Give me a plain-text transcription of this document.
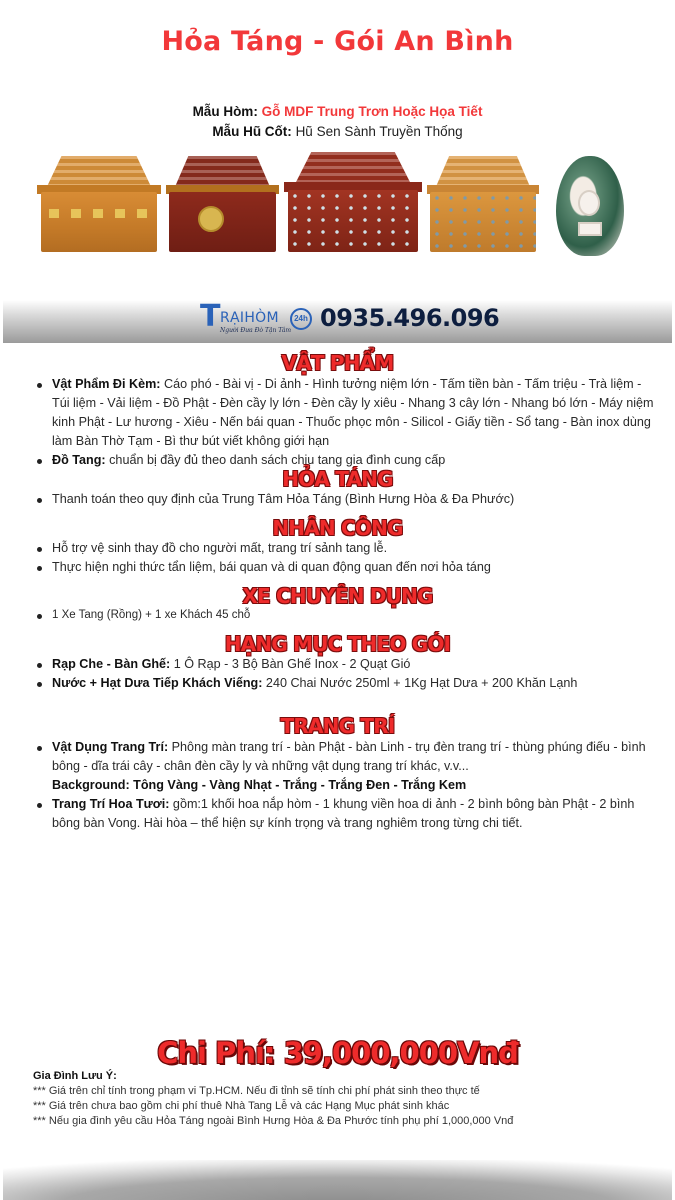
Hỏa Táng - Gói An Bình
Mẫu Hòm: Gỗ MDF Trung Trơn Hoặc Họa Tiết
Mẫu Hũ Cốt: Hũ Sen Sành Truyền Thống
T RẠIHÒM
Người Đưa Đò Tận Tâm
24h 0935.496.096
VẬT PHẨM
Vật Phẩm Đi Kèm: Cáo phó - Bài vị - Di ảnh - Hình tưởng niệm lớn - Tấm tiền bàn - Tấm triệu - Trà liệm - Túi liệm - Vải liệm - Đồ Phật - Đèn cầy ly lớn - Đèn cầy ly xiêu - Nhang 3 cây lớn - Nhang bó lớn - Máy niệm kinh Phật - Lư hương - Xiêu - Nến bái quan - Thuốc phọc môn - Silicol - Giấy tiền - Sổ tang - Bàn inox dùng làm Bàn Thờ Tạm - Bì thư bút viết không giới hạn
Đồ Tang: chuẩn bị đầy đủ theo danh sách chịu tang gia đình cung cấp
HỎA TÁNG
Thanh toán theo quy định của Trung Tâm Hỏa Táng (Bình Hưng Hòa & Đa Phước)
NHÂN CÔNG
Hỗ trợ vệ sinh thay đồ cho người mất, trang trí sảnh tang lễ.
Thực hiện nghi thức tẩn liệm, bái quan và di quan động quan đến nơi hỏa táng
XE CHUYÊN DỤNG
1 Xe Tang (Rồng) + 1 xe Khách 45 chỗ
HẠNG MỤC THEO GÓI
Rạp Che - Bàn Ghế: 1 Ô Rạp - 3 Bộ Bàn Ghế Inox - 2 Quạt Gió
Nước + Hạt Dưa Tiếp Khách Viếng: 240 Chai Nước 250ml + 1Kg Hạt Dưa + 200 Khăn Lạnh
TRANG TRÍ
Vật Dụng Trang Trí: Phông màn trang trí - bàn Phật - bàn Linh - trụ đèn trang trí - thùng phúng điếu - bình bông - dĩa trái cây - chân đèn cầy ly và những vật dụng trang trí khác, v.v...
Background: Tông Vàng - Vàng Nhạt - Trắng - Trắng Đen - Trắng Kem
Trang Trí Hoa Tươi: gồm:1 khối hoa nắp hòm - 1 khung viền hoa di ảnh - 2 bình bông bàn Phật - 2 bình bông bàn Vong. Hài hòa – thể hiện sự kính trọng và trang nghiêm trong từng chi tiết.
Chi Phí: 39,000,000Vnđ
Gia Đình Lưu Ý:
*** Giá trên chỉ tính trong phạm vi Tp.HCM. Nếu đi tỉnh sẽ tính chi phí phát sinh theo thực tế
*** Giá trên chưa bao gồm chi phí thuê Nhà Tang Lễ và các Hạng Mục phát sinh khác
*** Nếu gia đình yêu cầu Hỏa Táng ngoài Bình Hưng Hòa & Đa Phước tính phụ phí 1,000,000 Vnđ
